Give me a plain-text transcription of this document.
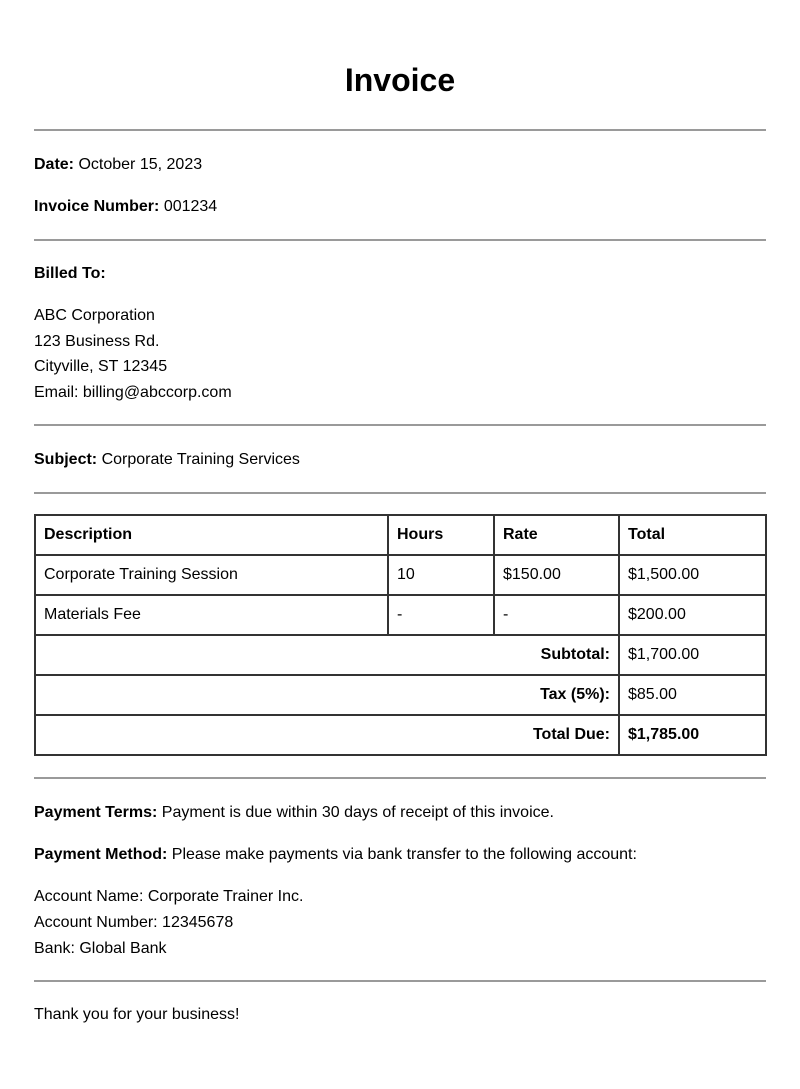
Invoice

Date: October 15, 2023

Invoice Number: 001234

Billed To:

ABC Corporation

123 Business Rd.

Cityville, ST 12345

Email: billing@abccorp.com

Subject: Corporate Training Services

Description	Hours	Rate	Total
Corporate Training Session	10	$150.00	$1,500.00
Materials Fee	-	-	$200.00
Subtotal:			$1,700.00
Tax (5%):			$85.00
Total Due:			$1,785.00

Payment Terms: Payment is due within 30 days of receipt of this invoice.

Payment Method: Please make payments via bank transfer to the following account:

Account Name: Corporate Trainer Inc.

Account Number: 12345678

Bank: Global Bank

Thank you for your business!
